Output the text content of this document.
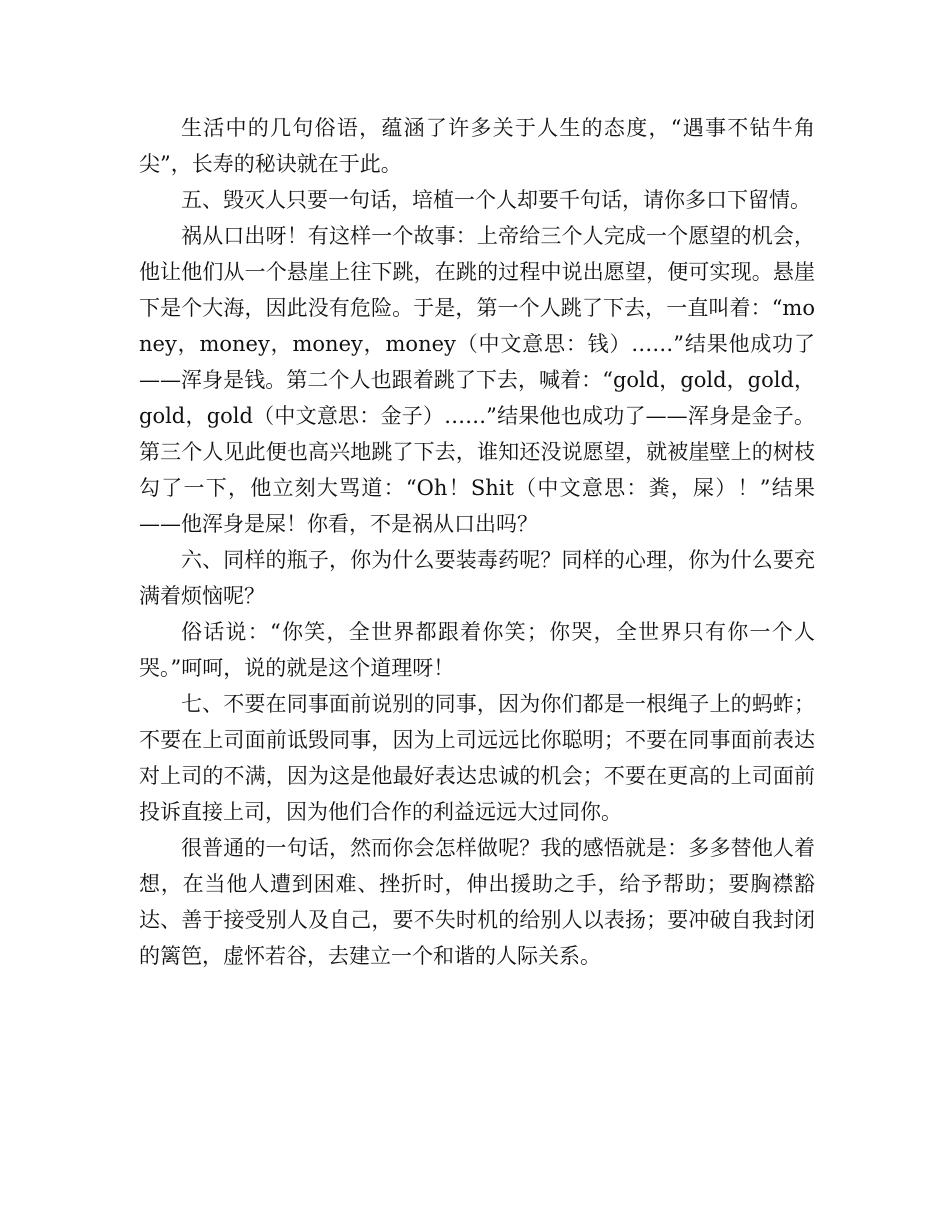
生活中的几句俗语，蕴涵了许多关于人生的态度，“遇事不钻牛角尖”，长寿的秘诀就在于此。

五、毁灭人只要一句话，培植一个人却要千句话，请你多口下留情。

祸从口出呀！有这样一个故事：上帝给三个人完成一个愿望的机会，他让他们从一个悬崖上往下跳，在跳的过程中说出愿望，便可实现。悬崖下是个大海，因此没有危险。于是，第一个人跳了下去，一直叫着：“money，money，money，money（中文意思：钱）……”结果他成功了——浑身是钱。第二个人也跟着跳了下去，喊着：“gold，gold，gold，gold，gold（中文意思：金子）……”结果他也成功了——浑身是金子。第三个人见此便也高兴地跳了下去，谁知还没说愿望，就被崖壁上的树枝勾了一下，他立刻大骂道：“Oh！Shit（中文意思：粪，屎）！”结果——他浑身是屎！你看，不是祸从口出吗？

六、同样的瓶子，你为什么要装毒药呢？同样的心理，你为什么要充满着烦恼呢？

俗话说：“你笑，全世界都跟着你笑；你哭，全世界只有你一个人哭。”呵呵，说的就是这个道理呀！

七、不要在同事面前说别的同事，因为你们都是一根绳子上的蚂蚱；不要在上司面前诋毁同事，因为上司远远比你聪明；不要在同事面前表达对上司的不满，因为这是他最好表达忠诚的机会；不要在更高的上司面前投诉直接上司，因为他们合作的利益远远大过同你。

很普通的一句话，然而你会怎样做呢？我的感悟就是：多多替他人着想，在当他人遭到困难、挫折时，伸出援助之手，给予帮助；要胸襟豁达、善于接受别人及自己，要不失时机的给别人以表扬；要冲破自我封闭的篱笆，虚怀若谷，去建立一个和谐的人际关系。
